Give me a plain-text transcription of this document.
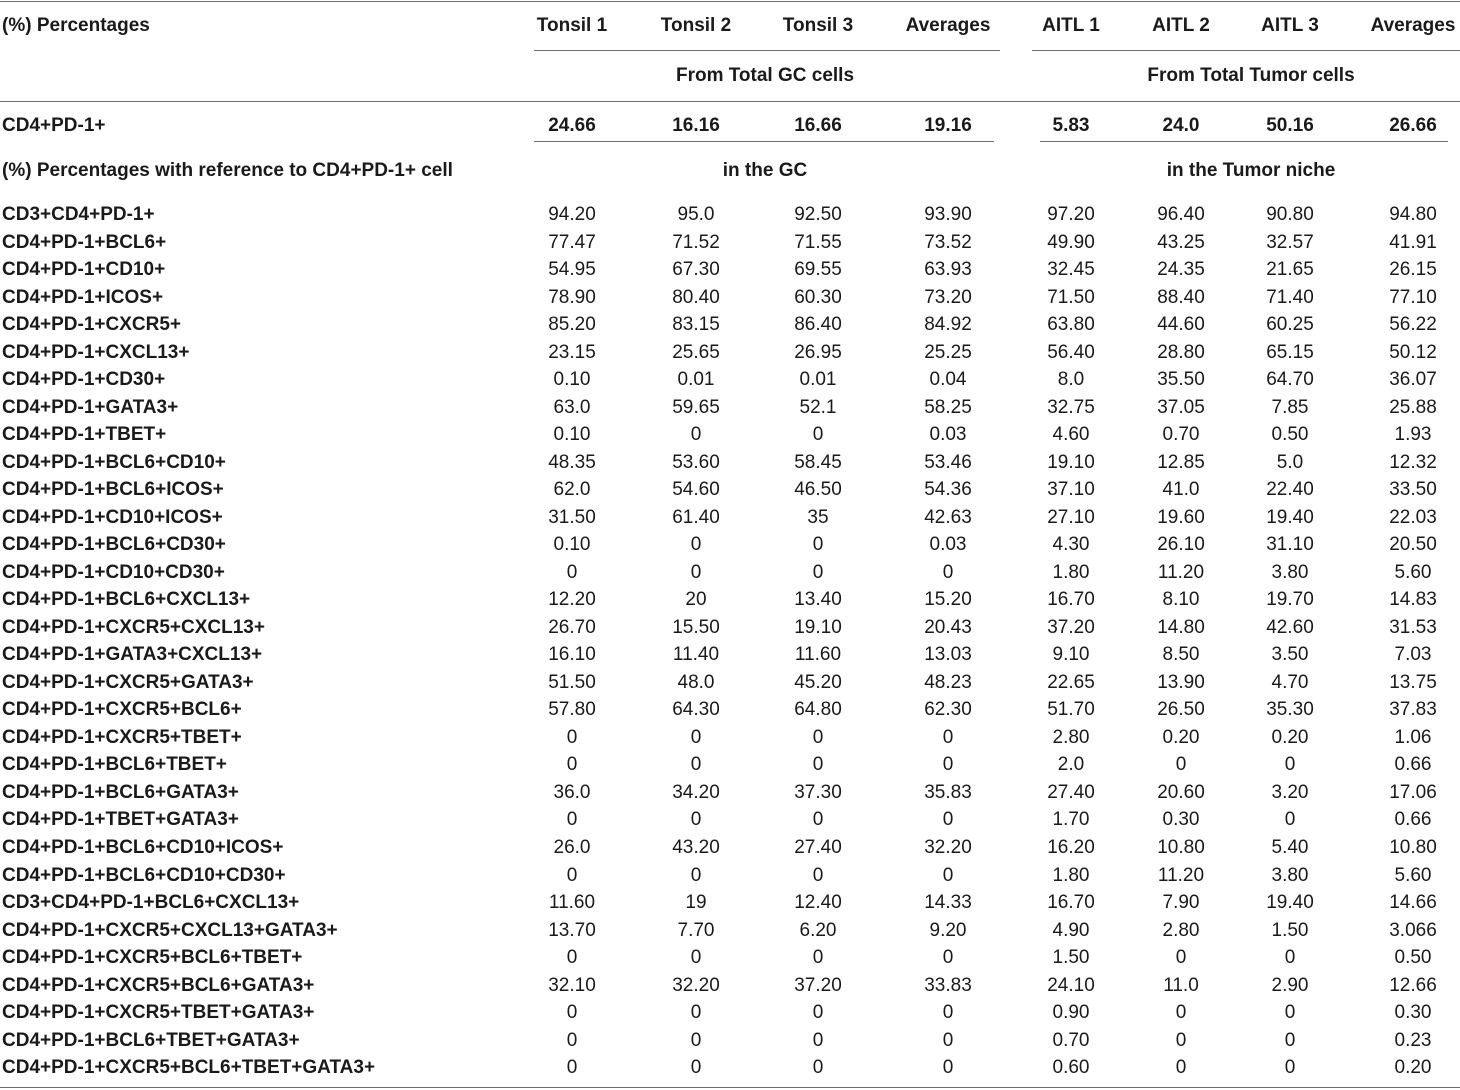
(%) Percentages	Tonsil 1	Tonsil 2	Tonsil 3	Averages	AITL 1	AITL 2	AITL 3	Averages
From Total GC cells	From Total Tumor cells
CD4+PD-1+	24.66	16.16	16.66	19.16	5.83	24.0	50.16	26.66
(%) Percentages with reference to CD4+PD-1+ cell	in the GC	in the Tumor niche
CD3+CD4+PD-1+	94.20	95.0	92.50	93.90	97.20	96.40	90.80	94.80
CD4+PD-1+BCL6+	77.47	71.52	71.55	73.52	49.90	43.25	32.57	41.91
CD4+PD-1+CD10+	54.95	67.30	69.55	63.93	32.45	24.35	21.65	26.15
CD4+PD-1+ICOS+	78.90	80.40	60.30	73.20	71.50	88.40	71.40	77.10
CD4+PD-1+CXCR5+	85.20	83.15	86.40	84.92	63.80	44.60	60.25	56.22
CD4+PD-1+CXCL13+	23.15	25.65	26.95	25.25	56.40	28.80	65.15	50.12
CD4+PD-1+CD30+	0.10	0.01	0.01	0.04	8.0	35.50	64.70	36.07
CD4+PD-1+GATA3+	63.0	59.65	52.1	58.25	32.75	37.05	7.85	25.88
CD4+PD-1+TBET+	0.10	0	0	0.03	4.60	0.70	0.50	1.93
CD4+PD-1+BCL6+CD10+	48.35	53.60	58.45	53.46	19.10	12.85	5.0	12.32
CD4+PD-1+BCL6+ICOS+	62.0	54.60	46.50	54.36	37.10	41.0	22.40	33.50
CD4+PD-1+CD10+ICOS+	31.50	61.40	35	42.63	27.10	19.60	19.40	22.03
CD4+PD-1+BCL6+CD30+	0.10	0	0	0.03	4.30	26.10	31.10	20.50
CD4+PD-1+CD10+CD30+	0	0	0	0	1.80	11.20	3.80	5.60
CD4+PD-1+BCL6+CXCL13+	12.20	20	13.40	15.20	16.70	8.10	19.70	14.83
CD4+PD-1+CXCR5+CXCL13+	26.70	15.50	19.10	20.43	37.20	14.80	42.60	31.53
CD4+PD-1+GATA3+CXCL13+	16.10	11.40	11.60	13.03	9.10	8.50	3.50	7.03
CD4+PD-1+CXCR5+GATA3+	51.50	48.0	45.20	48.23	22.65	13.90	4.70	13.75
CD4+PD-1+CXCR5+BCL6+	57.80	64.30	64.80	62.30	51.70	26.50	35.30	37.83
CD4+PD-1+CXCR5+TBET+	0	0	0	0	2.80	0.20	0.20	1.06
CD4+PD-1+BCL6+TBET+	0	0	0	0	2.0	0	0	0.66
CD4+PD-1+BCL6+GATA3+	36.0	34.20	37.30	35.83	27.40	20.60	3.20	17.06
CD4+PD-1+TBET+GATA3+	0	0	0	0	1.70	0.30	0	0.66
CD4+PD-1+BCL6+CD10+ICOS+	26.0	43.20	27.40	32.20	16.20	10.80	5.40	10.80
CD4+PD-1+BCL6+CD10+CD30+	0	0	0	0	1.80	11.20	3.80	5.60
CD3+CD4+PD-1+BCL6+CXCL13+	11.60	19	12.40	14.33	16.70	7.90	19.40	14.66
CD4+PD-1+CXCR5+CXCL13+GATA3+	13.70	7.70	6.20	9.20	4.90	2.80	1.50	3.066
CD4+PD-1+CXCR5+BCL6+TBET+	0	0	0	0	1.50	0	0	0.50
CD4+PD-1+CXCR5+BCL6+GATA3+	32.10	32.20	37.20	33.83	24.10	11.0	2.90	12.66
CD4+PD-1+CXCR5+TBET+GATA3+	0	0	0	0	0.90	0	0	0.30
CD4+PD-1+BCL6+TBET+GATA3+	0	0	0	0	0.70	0	0	0.23
CD4+PD-1+CXCR5+BCL6+TBET+GATA3+	0	0	0	0	0.60	0	0	0.20
